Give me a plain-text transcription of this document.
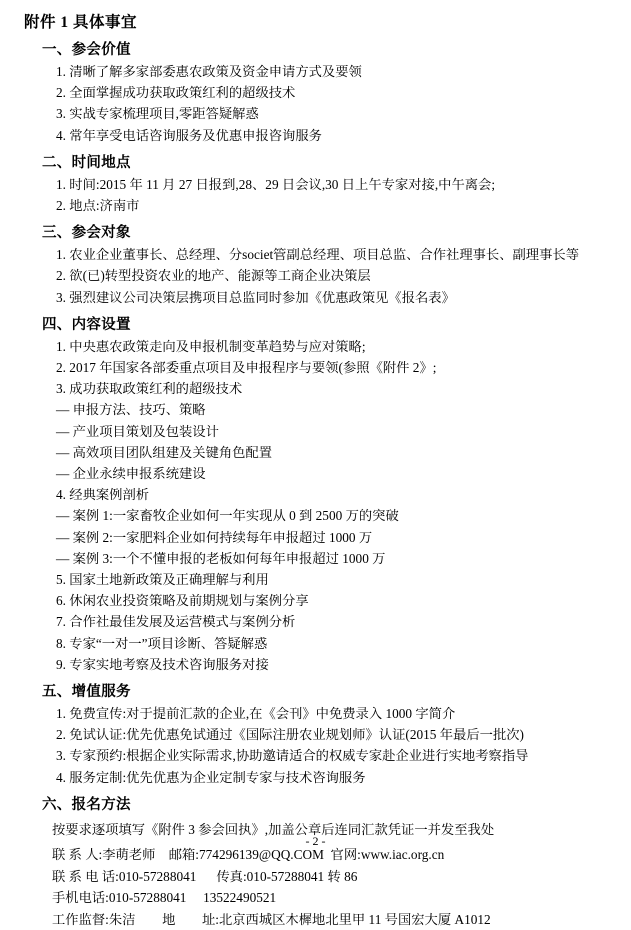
附件 1 具体事宜
一、参会价值
1. 清晰了解多家部委惠农政策及资金申请方式及要领
2. 全面掌握成功获取政策红利的超级技术
3. 实战专家梳理项目,零距答疑解惑
4. 常年享受电话咨询服务及优惠申报咨询服务
二、时间地点
1. 时间:2015 年 11 月 27 日报到,28、29 日会议,30 日上午专家对接,中午离会;
2. 地点:济南市
三、参会对象
1. 农业企业董事长、总经理、分societ管副总经理、项目总监、合作社理事长、副理事长等
2. 欲(已)转型投资农业的地产、能源等工商企业决策层
3. 强烈建议公司决策层携项目总监同时参加《优惠政策见《报名表》
四、内容设置
1. 中央惠农政策走向及申报机制变革趋势与应对策略;
2. 2017 年国家各部委重点项目及申报程序与要领(参照《附件 2》;
3. 成功获取政策红利的超级技术
— 申报方法、技巧、策略
— 产业项目策划及包装设计
— 高效项目团队组建及关键角色配置
— 企业永续申报系统建设
4. 经典案例剖析
— 案例 1:一家畜牧企业如何一年实现从 0 到 2500 万的突破
— 案例 2:一家肥料企业如何持续每年申报超过 1000 万
— 案例 3:一个不懂申报的老板如何每年申报超过 1000 万
5. 国家土地新政策及正确理解与利用
6. 休闲农业投资策略及前期规划与案例分享
7. 合作社最佳发展及运营模式与案例分析
8. 专家“一对一”项目诊断、答疑解惑
9. 专家实地考察及技术咨询服务对接
五、增值服务
1. 免费宣传:对于提前汇款的企业,在《会刊》中免费录入 1000 字简介
2. 免试认证:优先优惠免试通过《国际注册农业规划师》认证(2015 年最后一批次)
3. 专家预约:根据企业实际需求,协助邀请适合的权威专家赴企业进行实地考察指导
4. 服务定制:优先优惠为企业定制专家与技术咨询服务
六、报名方法
按要求逐项填写《附件 3 参会回执》,加盖公章后连同汇款凭证一并发至我处
联 系 人:李萌老师    邮箱:774296139@QQ.COM  官网:www.iac.org.cn
联 系 电 话:010-57288041      传真:010-57288041 转 86
手机电话:010-57288041     13522490521
工作监督:朱洁        地        址:北京西城区木樨地北里甲 11 号国宏大厦 A1012
- 2 -
